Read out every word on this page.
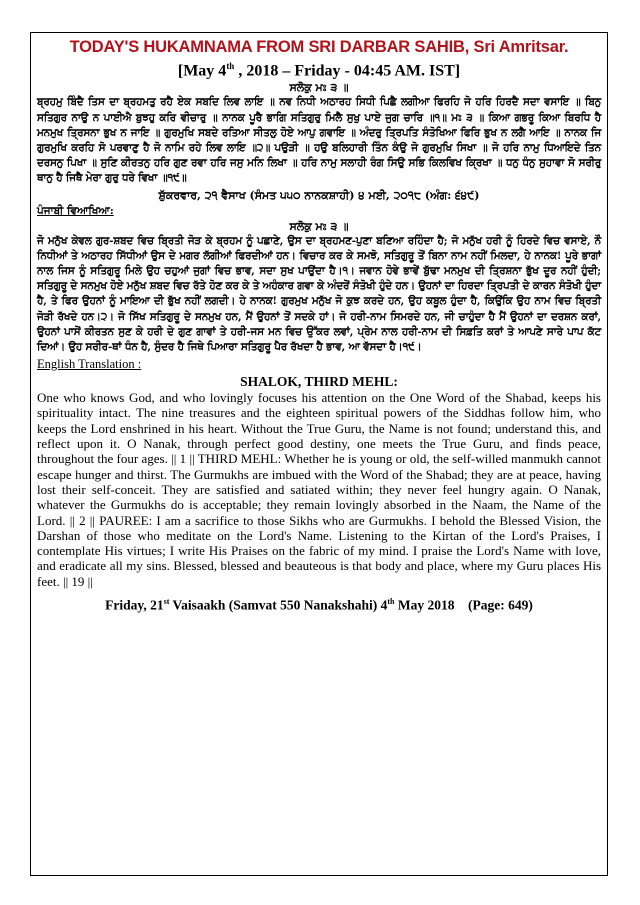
TODAY'S HUKAMNAMA FROM SRI DARBAR SAHIB, Sri Amritsar.
[May 4th , 2018 – Friday - 04:45 AM. IST]
ਸਲੋਕੁ ਮਃ ੩ ॥
ਬ੍ਰਹਮੁ ਬਿੰਦੈ ਤਿਸ ਦਾ ਬ੍ਰਹਮਤੁ ਰਹੈ ਏਕ ਸਬਦਿ ਲਿਵ ਲਾਇ ॥ ਨਵ ਨਿਧੀ ਅਠਾਰਹ ਸਿਧੀ ਪਿਛੈ ਲਗੀਆ ਫਿਰਹਿ ਜੋ ਹਰਿ ਹਿਰਦੈ ਸਦਾ ਵਸਾਇ ॥ ਬਿਨੁ ਸਤਿਗੁਰ ਨਾਉ ਨ ਪਾਈਐ ਬੁਝਹੁ ਕਰਿ ਵੀਚਾਰੁ ॥ ਨਾਨਕ ਪੂਰੈ ਭਾਗਿ ਸਤਿਗੁਰੁ ਮਿਲੈ ਸੁਖੁ ਪਾਏ ਜੁਗ ਚਾਰਿ ॥੧॥ ਮਃ ੩ ॥ ਕਿਆ ਗਭਰੂ ਕਿਆ ਬਿਰਧਿ ਹੈ ਮਨਮੁਖ ਤ੍ਰਿਸਨਾ ਭੁਖ ਨ ਜਾਇ ॥ ਗੁਰਮੁਖਿ ਸਬਦੇ ਰਤਿਆ ਸੀਤਲੁ ਹੋਏ ਆਪੁ ਗਵਾਇ ॥ ਅੰਦਰੁ ਤ੍ਰਿਪਤਿ ਸੰਤੋਖਿਆ ਫਿਰਿ ਭੁਖ ਨ ਲਗੈ ਆਇ ॥ ਨਾਨਕ ਜਿ ਗੁਰਮੁਖਿ ਕਰਹਿ ਸੋ ਪਰਵਾਣੁ ਹੈ ਜੋ ਨਾਮਿ ਰਹੇ ਲਿਵ ਲਾਇ ॥੨॥ ਪਉੜੀ ॥ ਹਉ ਬਲਿਹਾਰੀ ਤਿੰਨ ਕੰਉ ਜੋ ਗੁਰਮੁਖਿ ਸਿਖਾ ॥ ਜੋ ਹਰਿ ਨਾਮੁ ਧਿਆਇਦੇ ਤਿਨ ਦਰਸਨੁ ਪਿਖਾ ॥ ਸੁਣਿ ਕੀਰਤਨੁ ਹਰਿ ਗੁਣ ਰਵਾ ਹਰਿ ਜਸੁ ਮਨਿ ਲਿਖਾ ॥ ਹਰਿ ਨਾਮੁ ਸਲਾਹੀ ਰੰਗ ਸਿਉ ਸਭਿ ਕਿਲਵਿਖ ਕ੍ਰਿਖਾ ॥ ਧਨੁ ਧੰਨੁ ਸੁਹਾਵਾ ਸੋ ਸਰੀਰੁ ਥਾਨੁ ਹੈ ਜਿਥੈ ਮੇਰਾ ਗੁਰੁ ਧਰੇ ਵਿਖਾ ॥੧੯॥
ਸ਼ੁੱਕਰਵਾਰ, ੨੧ ਵੈਸਾਖ (ਸੰਮਤ ੫੫੦ ਨਾਨਕਸ਼ਾਹੀ) ੪ ਮਈ, ੨੦੧੮ (ਅੰਗ: ੬੪੯)
ਪੰਜਾਬੀ ਵਿਆਖਿਆ:
ਸਲੋਕੁ ਮਃ ੩ ॥
ਜੋ ਮਨੁੱਖ ਕੇਵਲ ਗੁਰ-ਸ਼ਬਦ ਵਿਚ ਬ੍ਰਿਤੀ ਜੋੜ ਕੇ ਬ੍ਰਹਮ ਨੂੰ ਪਛਾਣੇ, ਉਸ ਦਾ ਬ੍ਰਹਮਣ-ਪੁਣਾ ਬਣਿਆ ਰਹਿੰਦਾ ਹੈ; ਜੋ ਮਨੁੱਖ ਹਰੀ ਨੂੰ ਹਿਰਦੇ ਵਿਚ ਵਸਾਏ, ਨੌ ਨਿਧੀਆਂ ਤੇ ਅਠਾਰਹ ਸਿੱਧੀਆਂ ਉਸ ਦੇ ਮਗਰ ਲੱਗੀਆਂ ਫਿਰਦੀਆਂ ਹਨ। ਵਿਚਾਰ ਕਰ ਕੇ ਸਮਝੋ, ਸਤਿਗੁਰੂ ਤੋਂ ਬਿਨਾ ਨਾਮ ਨਹੀਂ ਮਿਲਦਾ, ਹੇ ਨਾਨਕ! ਪੂਰੇ ਭਾਗਾਂ ਨਾਲ ਜਿਸ ਨੂੰ ਸਤਿਗੁਰੂ ਮਿਲੇ ਉਹ ਚਹੁਆਂ ਜੁਗਾਂ ਵਿਚ ਭਾਵ, ਸਦਾ ਸੁਖ ਪਾਉਂਦਾ ਹੈ।੧। ਜਵਾਨ ਹੋਵੇ ਭਾਵੇਂ ਬੁੱਢਾ ਮਨਮੁਖ ਦੀ ਤ੍ਰਿਸ਼ਨਾ ਭੁੱਖ ਦੂਰ ਨਹੀਂ ਹੁੰਦੀ; ਸਤਿਗੁਰੂ ਦੇ ਸਨਮੁਖ ਹੋਏ ਮਨੁੱਖ ਸ਼ਬਦ ਵਿਚ ਰੱਤੇ ਹੋਣ ਕਰ ਕੇ ਤੇ ਅਹੰਕਾਰ ਗਵਾ ਕੇ ਅੰਦਰੋਂ ਸੰਤੋਖੀ ਹੁੰਦੇ ਹਨ। ਉਹਨਾਂ ਦਾ ਹਿਰਦਾ ਤ੍ਰਿਪਤੀ ਦੇ ਕਾਰਨ ਸੰਤੋਖੀ ਹੁੰਦਾ ਹੈ, ਤੇ ਫਿਰ ਉਹਨਾਂ ਨੂੰ ਮਾਇਆ ਦੀ ਭੁੱਖ ਨਹੀਂ ਲਗਦੀ। ਹੇ ਨਾਨਕ! ਗੁਰਮੁਖ ਮਨੁੱਖ ਜੋ ਕੁਝ ਕਰਦੇ ਹਨ, ਉਹ ਕਬੂਲ ਹੁੰਦਾ ਹੈ, ਕਿਉਂਕਿ ਉਹ ਨਾਮ ਵਿਚ ਬ੍ਰਿਤੀ ਜੋੜੀ ਰੱਖਦੇ ਹਨ।੨। ਜੋ ਸਿੱਖ ਸਤਿਗੁਰੂ ਦੇ ਸਨਮੁਖ ਹਨ, ਮੈਂ ਉਹਨਾਂ ਤੋਂ ਸਦਕੇ ਹਾਂ। ਜੋ ਹਰੀ-ਨਾਮ ਸਿਮਰਦੇ ਹਨ, ਜੀ ਚਾਹੁੰਦਾ ਹੈ ਮੈਂ ਉਹਨਾਂ ਦਾ ਦਰਸ਼ਨ ਕਰਾਂ, ਉਹਨਾਂ ਪਾਸੋਂ ਕੀਰਤਨ ਸੁਣ ਕੇ ਹਰੀ ਦੇ ਗੁਣ ਗਾਵਾਂ ਤੇ ਹਰੀ-ਜਸ ਮਨ ਵਿਚ ਉੱਕਰ ਲਵਾਂ, ਪ੍ਰੇਮ ਨਾਲ ਹਰੀ-ਨਾਮ ਦੀ ਸਿਫ਼ਤਿ ਕਰਾਂ ਤੇ ਆਪਣੇ ਸਾਰੇ ਪਾਪ ਕੱਟ ਦਿਆਂ। ਉਹ ਸਰੀਰ-ਥਾਂ ਧੰਨ ਹੈ, ਸੁੰਦਰ ਹੈ ਜਿਥੇ ਪਿਆਰਾ ਸਤਿਗੁਰੂ ਪੈਰ ਰੱਖਦਾ ਹੈ ਭਾਵ, ਆ ਵੱਸਦਾ ਹੈ।੧੯।
English Translation :
SHALOK, THIRD MEHL:
One who knows God, and who lovingly focuses his attention on the One Word of the Shabad, keeps his spirituality intact. The nine treasures and the eighteen spiritual powers of the Siddhas follow him, who keeps the Lord enshrined in his heart. Without the True Guru, the Name is not found; understand this, and reflect upon it. O Nanak, through perfect good destiny, one meets the True Guru, and finds peace, throughout the four ages. || 1 || THIRD MEHL: Whether he is young or old, the self-willed manmukh cannot escape hunger and thirst. The Gurmukhs are imbued with the Word of the Shabad; they are at peace, having lost their self-conceit. They are satisfied and satiated within; they never feel hungry again. O Nanak, whatever the Gurmukhs do is acceptable; they remain lovingly absorbed in the Naam, the Name of the Lord. || 2 || PAUREE: I am a sacrifice to those Sikhs who are Gurmukhs. I behold the Blessed Vision, the Darshan of those who meditate on the Lord's Name. Listening to the Kirtan of the Lord's Praises, I contemplate His virtues; I write His Praises on the fabric of my mind. I praise the Lord's Name with love, and eradicate all my sins. Blessed, blessed and beauteous is that body and place, where my Guru places His feet. || 19 ||
Friday, 21st Vaisaakh (Samvat 550 Nanakshahi) 4th May 2018 (Page: 649)
